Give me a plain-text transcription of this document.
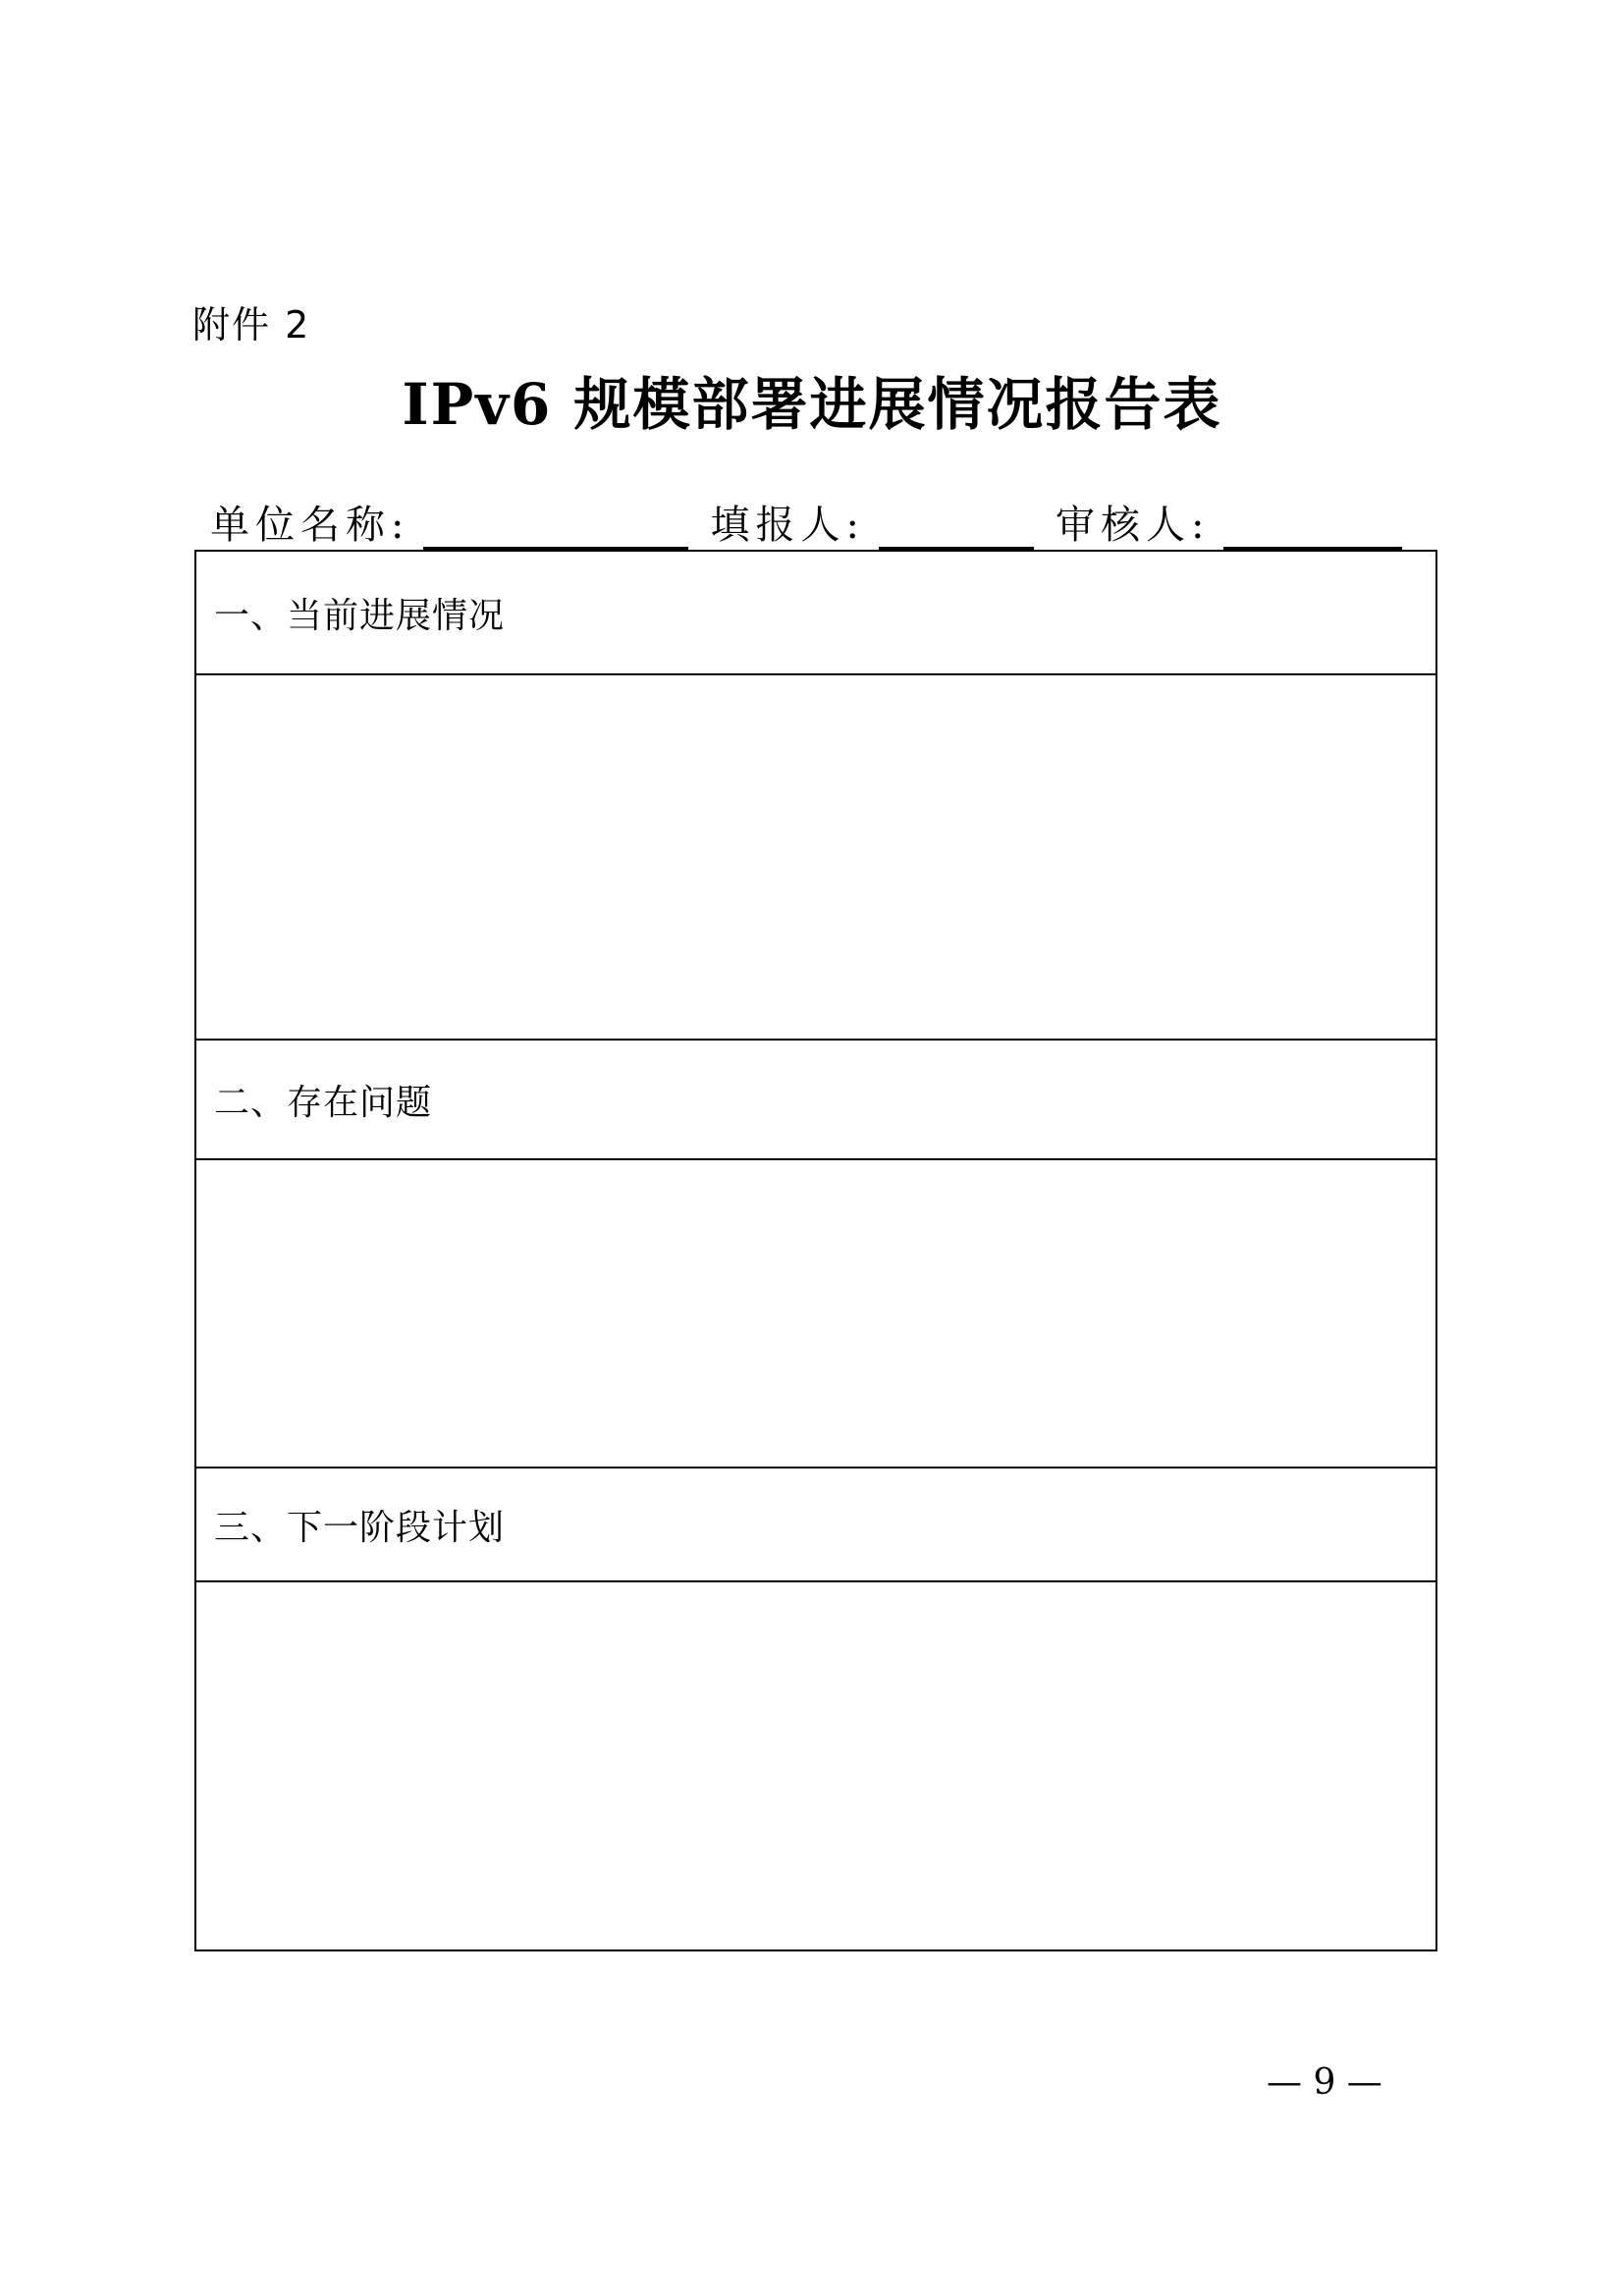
附件 2
IPv6 规模部署进展情况报告表
单位名称:	填报人:	审核人:
一、当前进展情况
二、存在问题
三、下一阶段计划
— 9 —
